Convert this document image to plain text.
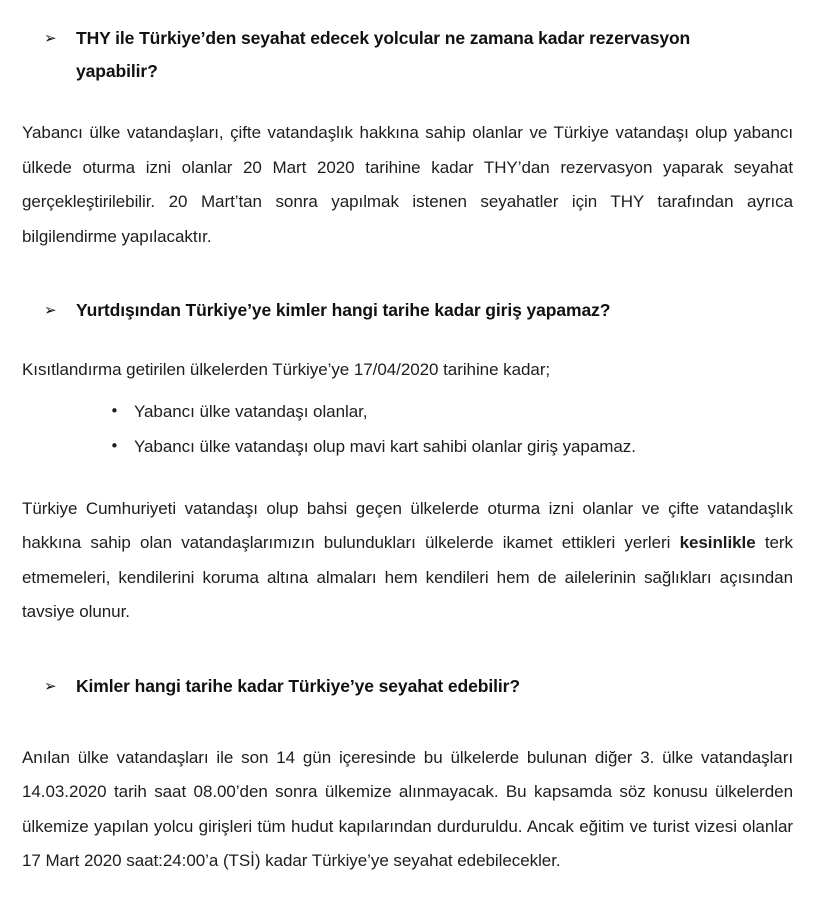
➢	THY ile Türkiye’den seyahat edecek yolcular ne zamana kadar rezervasyon yapabilir?

Yabancı ülke vatandaşları, çifte vatandaşlık hakkına sahip olanlar ve Türkiye vatandaşı olup yabancı ülkede oturma izni olanlar 20 Mart 2020 tarihine kadar THY’dan rezervasyon yaparak seyahat gerçekleştirilebilir. 20 Mart’tan sonra yapılmak istenen seyahatler için THY tarafından ayrıca bilgilendirme yapılacaktır.

➢	Yurtdışından Türkiye’ye kimler hangi tarihe kadar giriş yapamaz?

Kısıtlandırma getirilen ülkelerden Türkiye’ye 17/04/2020 tarihine kadar;

• Yabancı ülke vatandaşı olanlar,
• Yabancı ülke vatandaşı olup mavi kart sahibi olanlar giriş yapamaz.

Türkiye Cumhuriyeti vatandaşı olup bahsi geçen ülkelerde oturma izni olanlar ve çifte vatandaşlık hakkına sahip olan vatandaşlarımızın bulundukları ülkelerde ikamet ettikleri yerleri kesinlikle terk etmemeleri, kendilerini koruma altına almaları hem kendileri hem de ailelerinin sağlıkları açısından tavsiye olunur.

➢	Kimler hangi tarihe kadar Türkiye’ye seyahat edebilir?

Anılan ülke vatandaşları ile son 14 gün içeresinde bu ülkelerde bulunan diğer 3. ülke vatandaşları 14.03.2020 tarih saat 08.00’den sonra ülkemize alınmayacak. Bu kapsamda söz konusu ülkelerden ülkemize yapılan yolcu girişleri tüm hudut kapılarından durduruldu. Ancak eğitim ve turist vizesi olanlar 17 Mart 2020 saat:24:00’a (TSİ) kadar Türkiye’ye seyahat edebilecekler.
